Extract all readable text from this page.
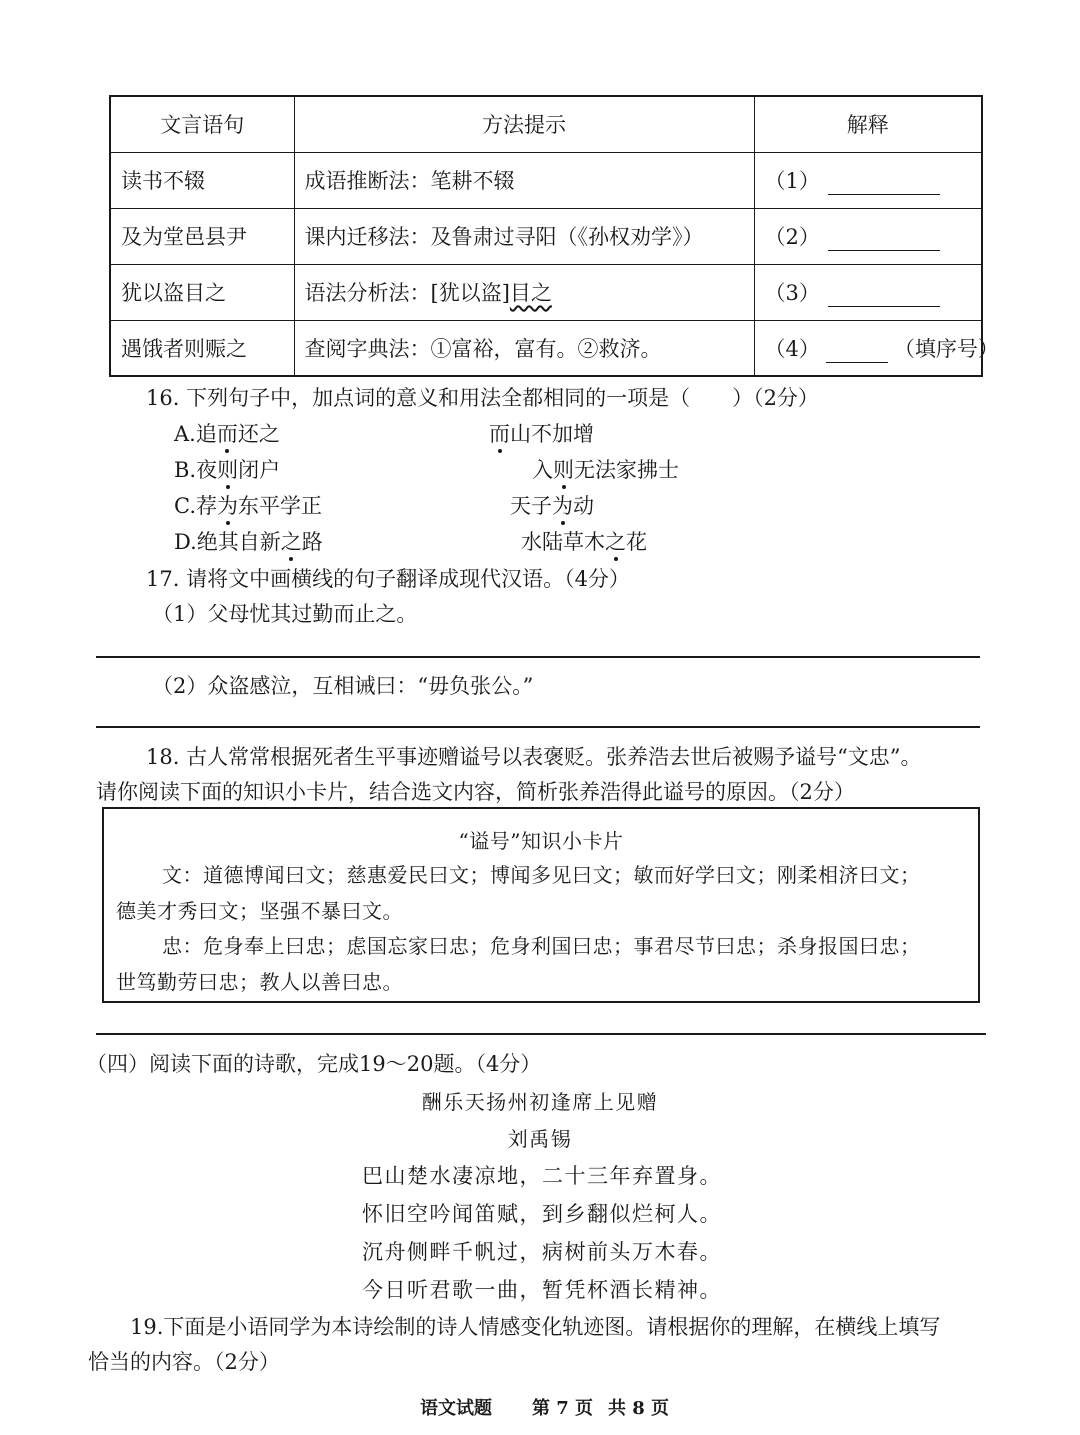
文言语句	方法提示	解释
读书不辍	成语推断法：笔耕不辍	（1）
及为堂邑县尹	课内迁移法：及鲁肃过寻阳（《孙权劝学》）	（2）
犹以盗目之	语法分析法：[犹以盗]目之	（3）
遇饿者则赈之	查阅字典法：①富裕，富有。②救济。	（4） （填序号）
16. 下列句子中，加点词的意义和用法全都相同的一项是（　　）（2分）
A.追而还之	而山不加增
B.夜则闭户	入则无法家拂士
C.荐为东平学正	天子为动
D.绝其自新之路	水陆草木之花
17. 请将文中画横线的句子翻译成现代汉语。（4分）
（1）父母忧其过勤而止之。
（2）众盗感泣，互相诫曰：“毋负张公。”
18. 古人常常根据死者生平事迹赠谥号以表褒贬。张养浩去世后被赐予谥号“文忠”。
请你阅读下面的知识小卡片，结合选文内容，简析张养浩得此谥号的原因。（2分）
“谥号”知识小卡片
文：道德博闻曰文；慈惠爱民曰文；博闻多见曰文；敏而好学曰文；刚柔相济曰文；
德美才秀曰文；坚强不暴曰文。
忠：危身奉上曰忠；虑国忘家曰忠；危身利国曰忠；事君尽节曰忠；杀身报国曰忠；
世笃勤劳曰忠；教人以善曰忠。
（四）阅读下面的诗歌，完成19～20题。（4分）
酬乐天扬州初逢席上见赠
刘禹锡
巴山楚水凄凉地，二十三年弃置身。
怀旧空吟闻笛赋，到乡翻似烂柯人。
沉舟侧畔千帆过，病树前头万木春。
今日听君歌一曲，暂凭杯酒长精神。
19.下面是小语同学为本诗绘制的诗人情感变化轨迹图。请根据你的理解，在横线上填写
恰当的内容。（2分）
语文试题 第 7 页 共 8 页
